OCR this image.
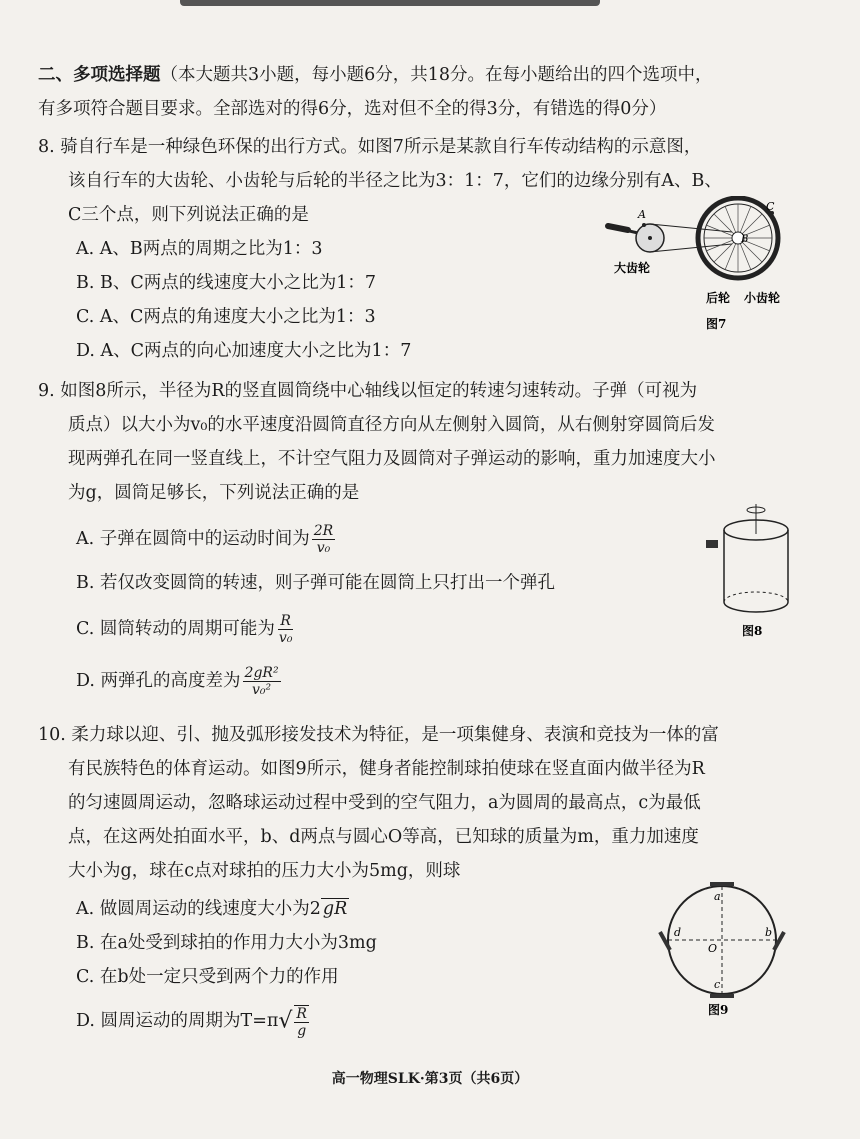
二、多项选择题（本大题共3小题，每小题6分，共18分。在每小题给出的四个选项中，
有多项符合题目要求。全部选对的得6分，选对但不全的得3分，有错选的得0分）
8. 骑自行车是一种绿色环保的出行方式。如图7所示是某款自行车传动结构的示意图，
该自行车的大齿轮、小齿轮与后轮的半径之比为3：1：7，它们的边缘分别有A、B、
C三个点，则下列说法正确的是
A. A、B两点的周期之比为1：3
B. B、C两点的线速度大小之比为1：7
C. A、C两点的角速度大小之比为1：3
D. A、C两点的向心加速度大小之比为1：7
9. 如图8所示，半径为R的竖直圆筒绕中心轴线以恒定的转速匀速转动。子弹（可视为
质点）以大小为v₀的水平速度沿圆筒直径方向从左侧射入圆筒，从右侧射穿圆筒后发
现两弹孔在同一竖直线上，不计空气阻力及圆筒对子弹运动的影响，重力加速度大小
为g，圆筒足够长，下列说法正确的是
A. 子弹在圆筒中的运动时间为 $\frac{2R}{\text{v₀}}$
B. 若仅改变圆筒的转速，则子弹可能在圆筒上只打出一个弹孔
C. 圆筒转动的周期可能为 $\frac{R}{\text{v₀}}$
D. 两弹孔的高度差为 $\frac{\text{2gR²}}{\text{v₀²}}$
10. 柔力球以迎、引、抛及弧形接发技术为特征，是一项集健身、表演和竞技为一体的富
有民族特色的体育运动。如图9所示，健身者能控制球拍使球在竖直面内做半径为R
的匀速圆周运动，忽略球运动过程中受到的空气阻力，a为圆周的最高点，c为最低
点，在这两处拍面水平，b、d两点与圆心O等高，已知球的质量为m，重力加速度
大小为g，球在c点对球拍的压力大小为5mg，则球
A. 做圆周运动的线速度大小为2 gR
B. 在a处受到球拍的作用力大小为3mg
C. 在b处一定只受到两个力的作用
D. 圆周运动的周期为$T=\pi√ \frac{R}{g}$
A
B
C
大齿轮
后轮 小齿轮
图7
图8
a
b
c
d
O
图9
高一物理SLK·第3页（共6页）
